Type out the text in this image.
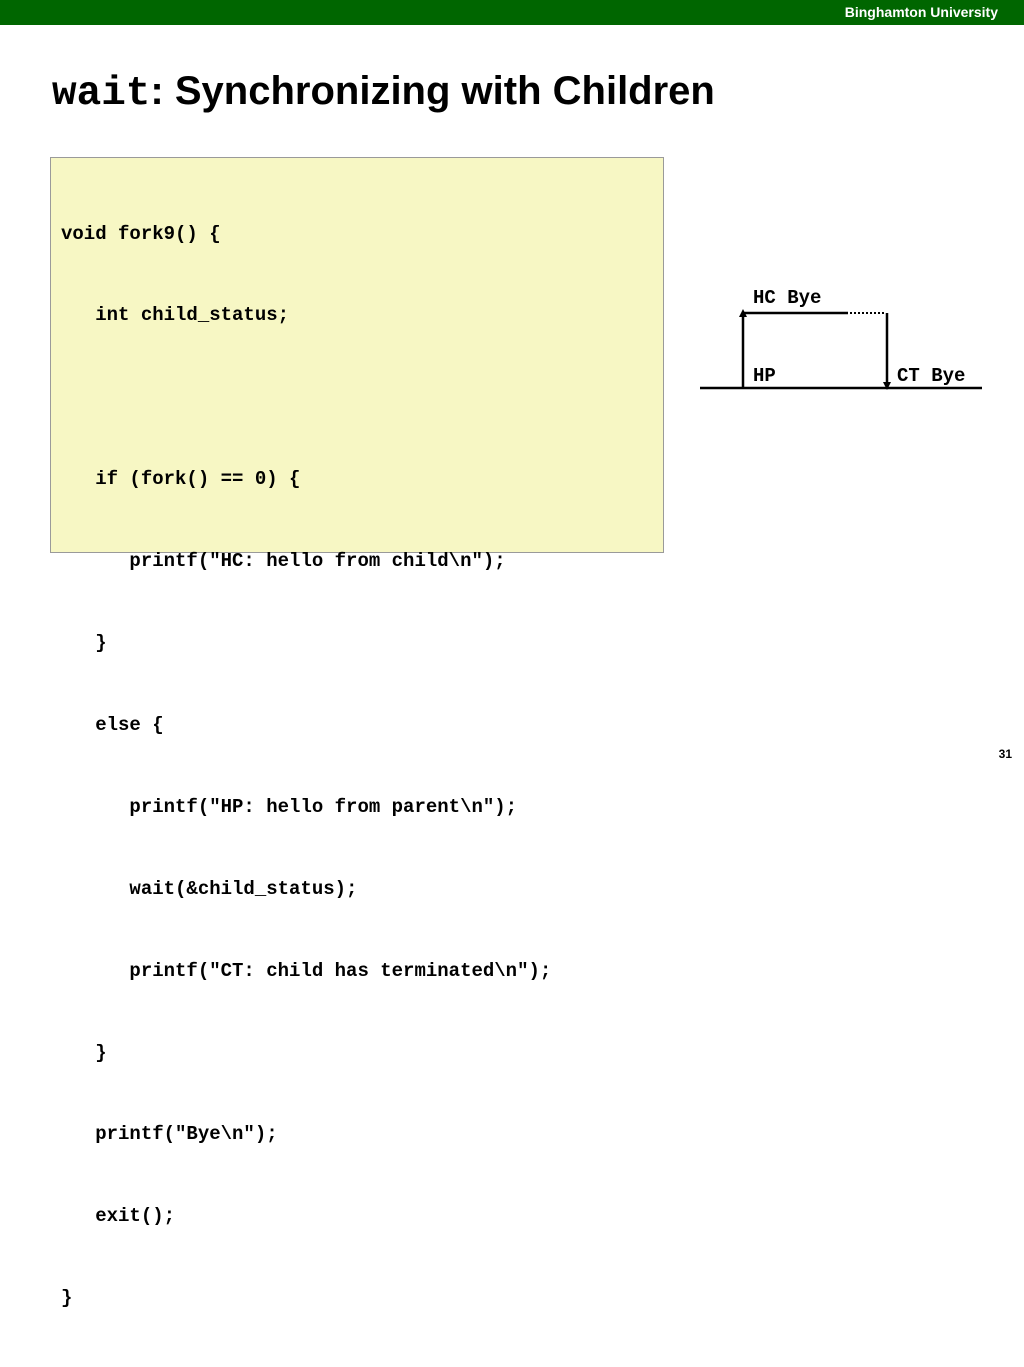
Binghamton University
wait: Synchronizing with Children

void fork9() {

int child_status;

if (fork() == 0) {

printf("HC: hello from child\n");

}

else {

printf("HP: hello from parent\n");

wait(&child_status);

printf("CT: child has terminated\n");

}

printf("Bye\n");

exit();

}

HC Bye
HP	CT Bye
31
